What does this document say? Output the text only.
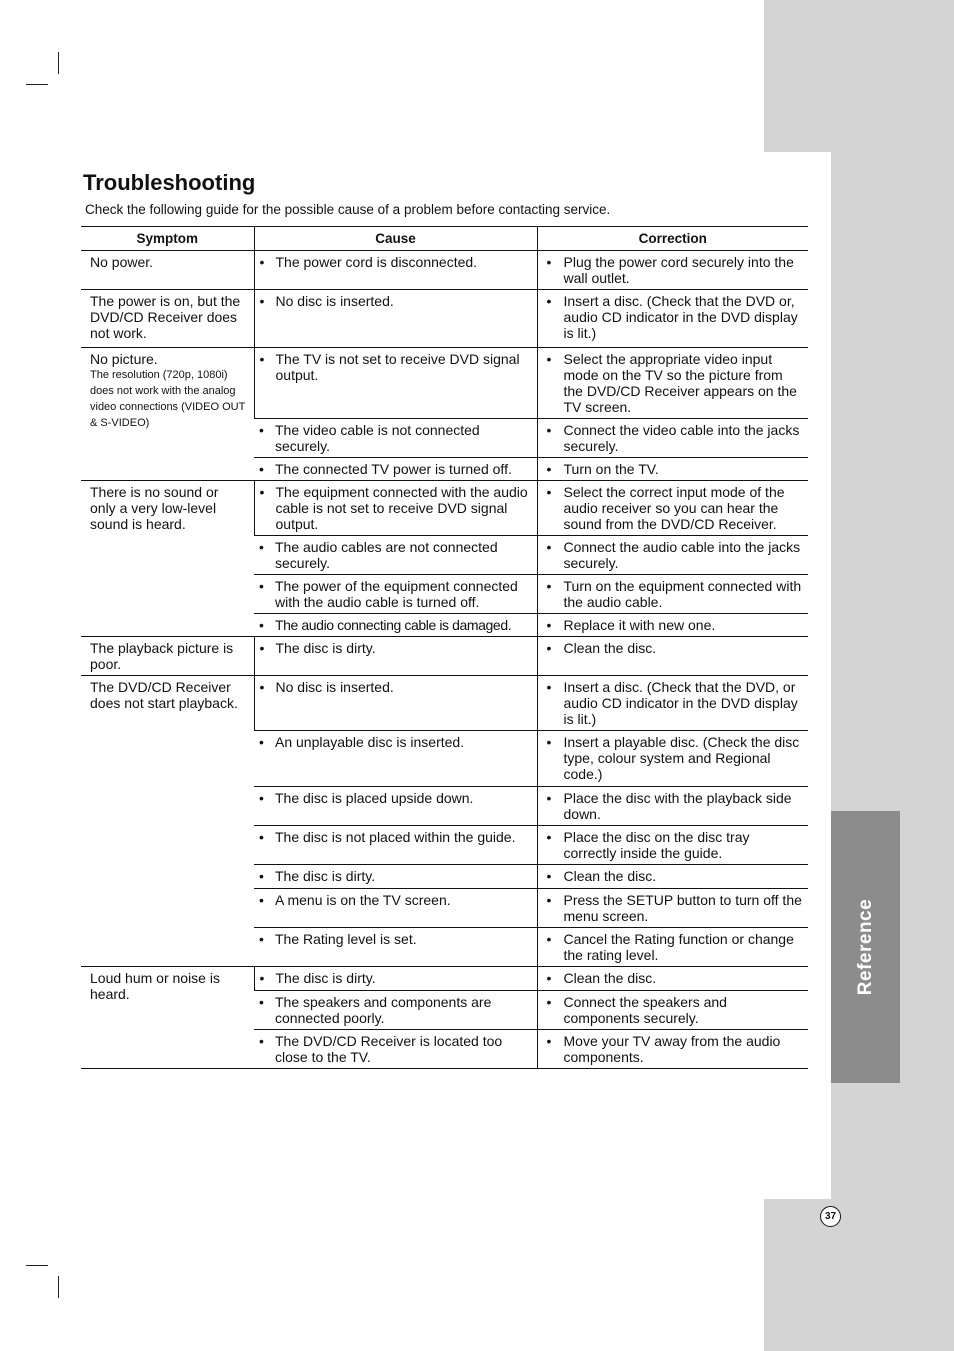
Reference
37
Troubleshooting
Check the following guide for the possible cause of a problem before contacting service.
Symptom	Cause	Correction
No power.	• The power cord is disconnected.	• Plug the power cord securely into the wall outlet.

The power is on, but the DVD/CD Receiver does not work.	• No disc is inserted.	• Insert a disc. (Check that the DVD or, audio CD indicator in the DVD display is lit.)

No picture.
The resolution (720p, 1080i) does not work with the analog video connections (VIDEO OUT & S-VIDEO)	• The TV is not set to receive DVD signal output.	• Select the appropriate video input mode on the TV so the picture from the DVD/CD Receiver appears on the TV screen.

	• The video cable is not connected securely.	• Connect the video cable into the jacks securely.

	• The connected TV power is turned off.	• Turn on the TV.

There is no sound or only a very low-level sound is heard.	• The equipment connected with the audio cable is not set to receive DVD signal output.	• Select the correct input mode of the audio receiver so you can hear the sound from the DVD/CD Receiver.

	• The audio cables are not connected securely.	• Connect the audio cable into the jacks securely.

	• The power of the equipment connected with the audio cable is turned off.	• Turn on the equipment connected with the audio cable.

	• The audio connecting cable is damaged.	• Replace it with new one.

The playback picture is poor.	• The disc is dirty.	• Clean the disc.

The DVD/CD Receiver does not start playback.	• No disc is inserted.	• Insert a disc. (Check that the DVD, or audio CD indicator in the DVD display is lit.)

	• An unplayable disc is inserted.	• Insert a playable disc. (Check the disc type, colour system and Regional code.)

	• The disc is placed upside down.	• Place the disc with the playback side down.

	• The disc is not placed within the guide.	• Place the disc on the disc tray correctly inside the guide.

	• The disc is dirty.	• Clean the disc.

	• A menu is on the TV screen.	• Press the SETUP button to turn off the menu screen.

	• The Rating level is set.	• Cancel the Rating function or change the rating level.

Loud hum or noise is heard.	• The disc is dirty.	• Clean the disc.

	• The speakers and components are connected poorly.	• Connect the speakers and components securely.

	• The DVD/CD Receiver is located too close to the TV.	• Move your TV away from the audio components.
